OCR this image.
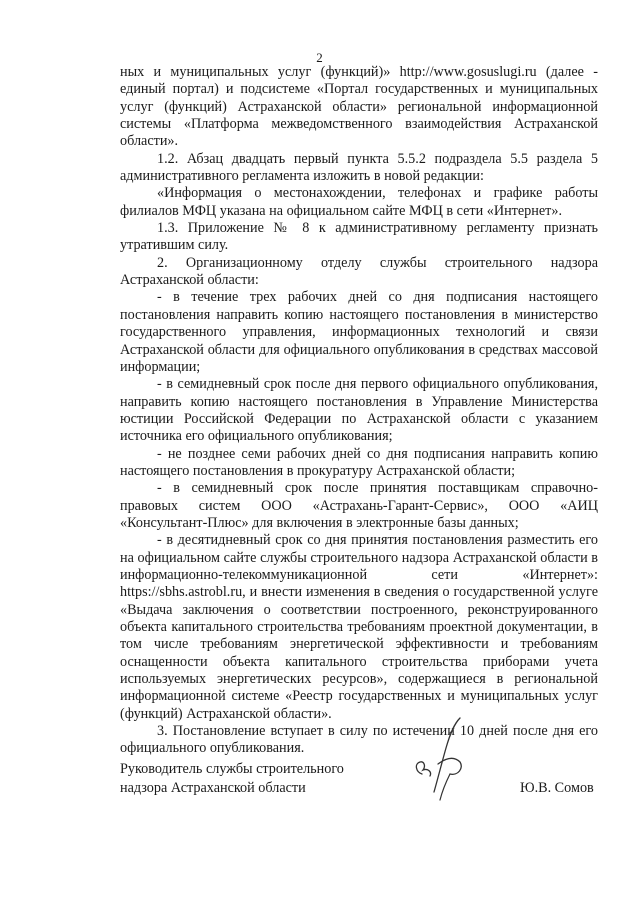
2

ных и муниципальных услуг (функций)» http://www.gosuslugi.ru (далее - единый портал) и подсистеме «Портал государственных и муниципальных услуг (функций) Астраханской области» региональной информационной системы «Платформа межведомственного взаимодействия Астраханской области».

1.2. Абзац двадцать первый пункта 5.5.2 подраздела 5.5 раздела 5 административного регламента изложить в новой редакции:

«Информация о местонахождении, телефонах и графике работы филиалов МФЦ указана на официальном сайте МФЦ в сети «Интернет».

1.3. Приложение № 8 к административному регламенту признать утратившим силу.

2. Организационному отделу службы строительного надзора Астраханской области:

- в течение трех рабочих дней со дня подписания настоящего постановления направить копию настоящего постановления в министерство государственного управления, информационных технологий и связи Астраханской области для официального опубликования в средствах массовой информации;

- в семидневный срок после дня первого официального опубликования, направить копию настоящего постановления в Управление Министерства юстиции Российской Федерации по Астраханской области с указанием источника его официального опубликования;

- не позднее семи рабочих дней со дня подписания направить копию настоящего постановления в прокуратуру Астраханской области;

- в семидневный срок после принятия поставщикам справочно-правовых систем ООО «Астрахань-Гарант-Сервис», ООО «АИЦ «Консультант-Плюс» для включения в электронные базы данных;

- в десятидневный срок со дня принятия постановления разместить его на официальном сайте службы строительного надзора Астраханской области в информационно-телекоммуникационной сети «Интернет»: https://sbhs.astrobl.ru, и внести изменения в сведения о государственной услуге «Выдача заключения о соответствии построенного, реконструированного объекта капитального строительства требованиям проектной документации, в том числе требованиям энергетической эффективности и требованиям оснащенности объекта капитального строительства приборами учета используемых энергетических ресурсов», содержащиеся в региональной информационной системе «Реестр государственных и муниципальных услуг (функций) Астраханской области».

3. Постановление вступает в силу по истечении 10 дней после дня его официального опубликования.

Руководитель службы строительного
надзора Астраханской области	Ю.В. Сомов
